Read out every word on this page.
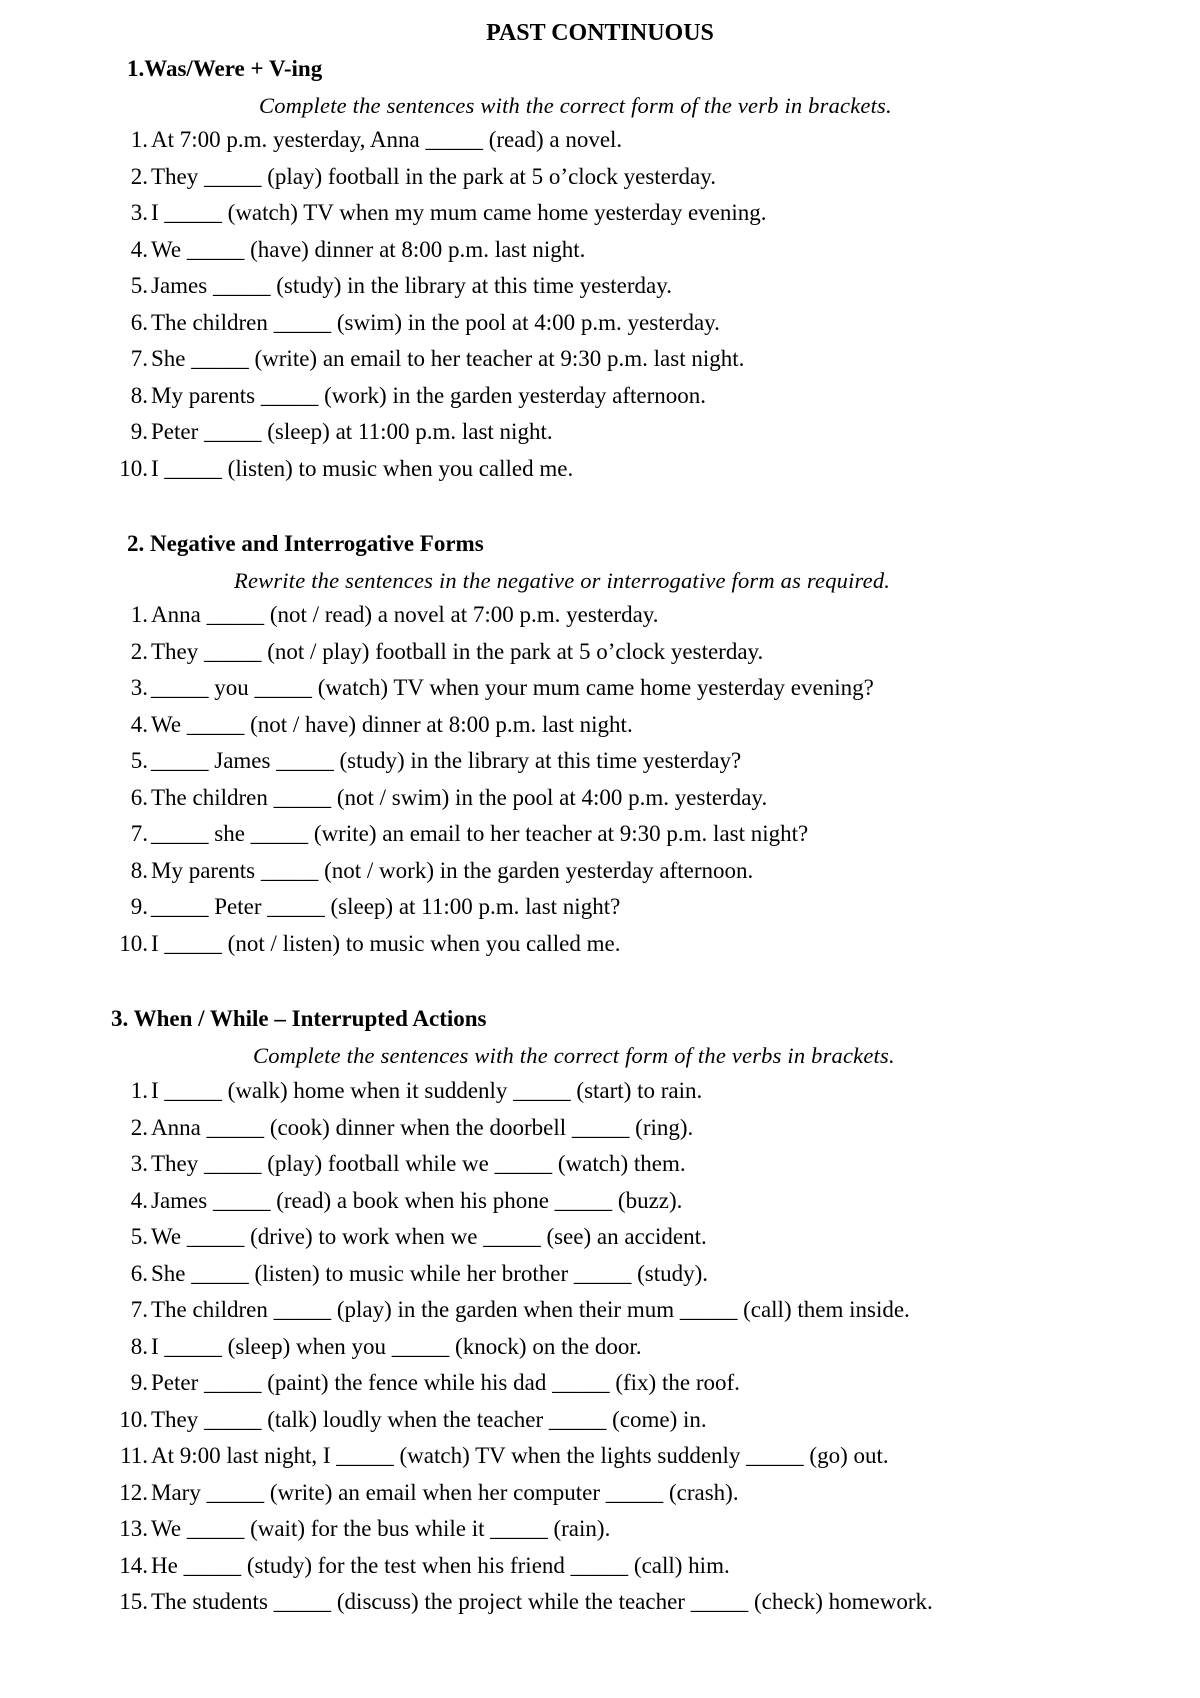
PAST CONTINUOUS
1.Was/Were + V-ing
Complete the sentences with the correct form of the verb in brackets.
1. At 7:00 p.m. yesterday, Anna _____ (read) a novel.
2. They _____ (play) football in the park at 5 o’clock yesterday.
3. I _____ (watch) TV when my mum came home yesterday evening.
4. We _____ (have) dinner at 8:00 p.m. last night.
5. James _____ (study) in the library at this time yesterday.
6. The children _____ (swim) in the pool at 4:00 p.m. yesterday.
7. She _____ (write) an email to her teacher at 9:30 p.m. last night.
8. My parents _____ (work) in the garden yesterday afternoon.
9. Peter _____ (sleep) at 11:00 p.m. last night.
10. I _____ (listen) to music when you called me.
2. Negative and Interrogative Forms
Rewrite the sentences in the negative or interrogative form as required.
1. Anna _____ (not / read) a novel at 7:00 p.m. yesterday.
2. They _____ (not / play) football in the park at 5 o’clock yesterday.
3. _____ you _____ (watch) TV when your mum came home yesterday evening?
4. We _____ (not / have) dinner at 8:00 p.m. last night.
5. _____ James _____ (study) in the library at this time yesterday?
6. The children _____ (not / swim) in the pool at 4:00 p.m. yesterday.
7. _____ she _____ (write) an email to her teacher at 9:30 p.m. last night?
8. My parents _____ (not / work) in the garden yesterday afternoon.
9. _____ Peter _____ (sleep) at 11:00 p.m. last night?
10. I _____ (not / listen) to music when you called me.
3. When / While – Interrupted Actions
Complete the sentences with the correct form of the verbs in brackets.
1. I _____ (walk) home when it suddenly _____ (start) to rain.
2. Anna _____ (cook) dinner when the doorbell _____ (ring).
3. They _____ (play) football while we _____ (watch) them.
4. James _____ (read) a book when his phone _____ (buzz).
5. We _____ (drive) to work when we _____ (see) an accident.
6. She _____ (listen) to music while her brother _____ (study).
7. The children _____ (play) in the garden when their mum _____ (call) them inside.
8. I _____ (sleep) when you _____ (knock) on the door.
9. Peter _____ (paint) the fence while his dad _____ (fix) the roof.
10. They _____ (talk) loudly when the teacher _____ (come) in.
11. At 9:00 last night, I _____ (watch) TV when the lights suddenly _____ (go) out.
12. Mary _____ (write) an email when her computer _____ (crash).
13. We _____ (wait) for the bus while it _____ (rain).
14. He _____ (study) for the test when his friend _____ (call) him.
15. The students _____ (discuss) the project while the teacher _____ (check) homework.
